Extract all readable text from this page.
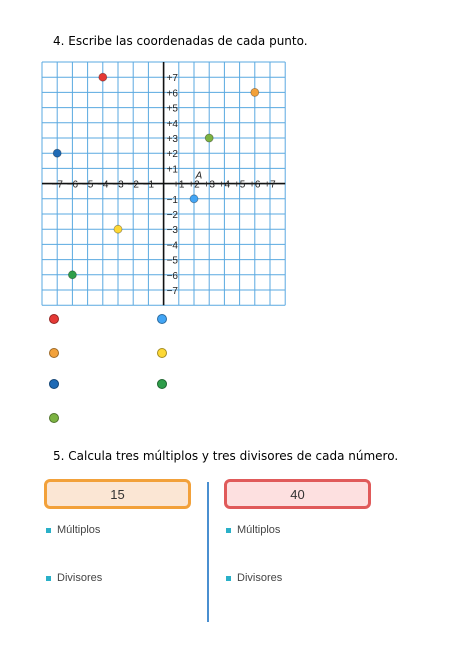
4. Escribe las coordenadas de cada punto.
−7 −6 −5 −4 −3 −2 −1 +1 +2 +3 +4 +5 +6 +7
+7
+6
+5
+4
+3
+2
+1
−1
−2
−3
−4
−5
−6
−7
A
5. Calcula tres múltiplos y tres divisores de cada número.
15	40
Múltiplos
Divisores
Múltiplos
Divisores
